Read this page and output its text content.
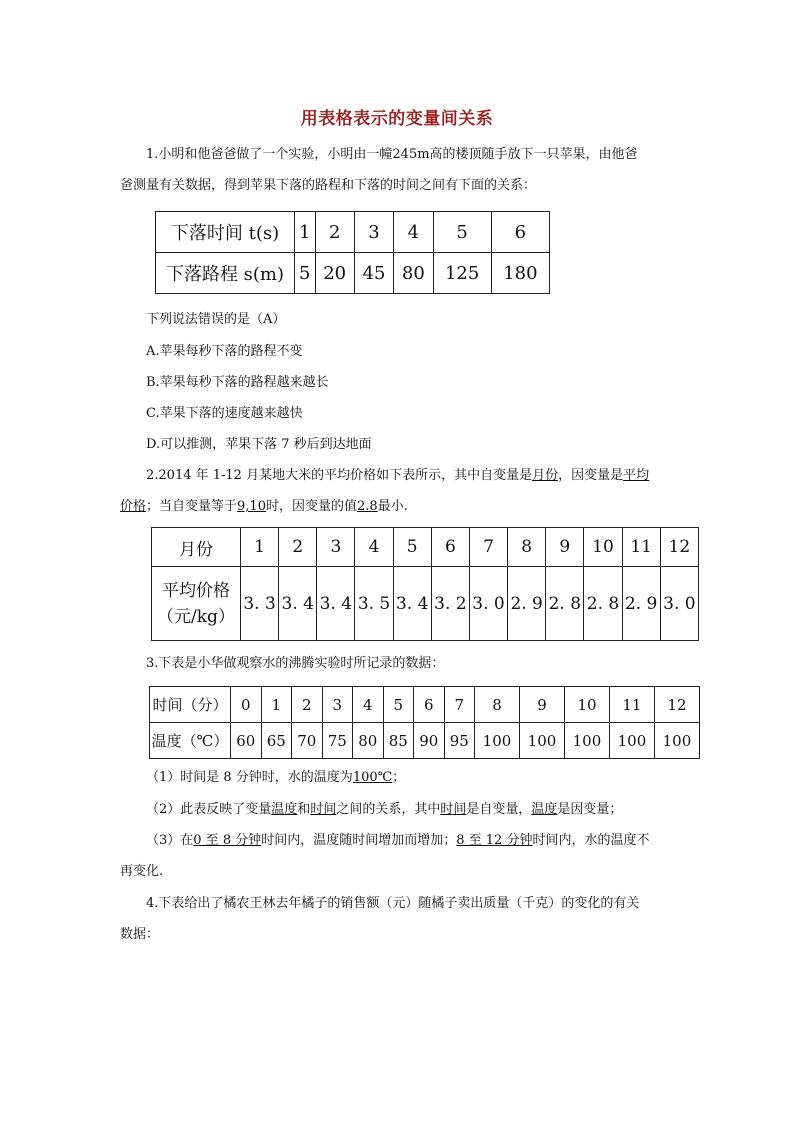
用表格表示的变量间关系
1.小明和他爸爸做了一个实验，小明由一幢245m高的楼顶随手放下一只苹果，由他爸
爸测量有关数据，得到苹果下落的路程和下落的时间之间有下面的关系：
下落时间 t(s)	1	2	3	4	5	6
下落路程 s(m)	5	20	45	80	125	180
下列说法错误的是（A）
A.苹果每秒下落的路程不变
B.苹果每秒下落的路程越来越长
C.苹果下落的速度越来越快
D.可以推测，苹果下落 7 秒后到达地面
2.2014 年 1-12 月某地大米的平均价格如下表所示，其中自变量是月份，因变量是平均
价格；当自变量等于9,10时，因变量的值2.8最小.
月份	1	2	3	4	5	6	7	8	9	10	11	12

平均价格
（元/kg）	3. 3	3. 4	3. 4	3. 5	3. 4	3. 2	3. 0	2. 9	2. 8	2. 8	2. 9	3. 0
3.下表是小华做观察水的沸腾实验时所记录的数据：
时间（分）	0	1	2	3	4	5	6	7	8	9	10	11	12
温度（℃）	60	65	70	75	80	85	90	95	100	100	100	100	100
（1）时间是 8 分钟时，水的温度为100℃；
（2）此表反映了变量温度和时间之间的关系，其中时间是自变量，温度是因变量；
（3）在0 至 8 分钟时间内，温度随时间增加而增加；8 至 12 分钟时间内，水的温度不
再变化.
4.下表给出了橘农王林去年橘子的销售额（元）随橘子卖出质量（千克）的变化的有关
数据：
